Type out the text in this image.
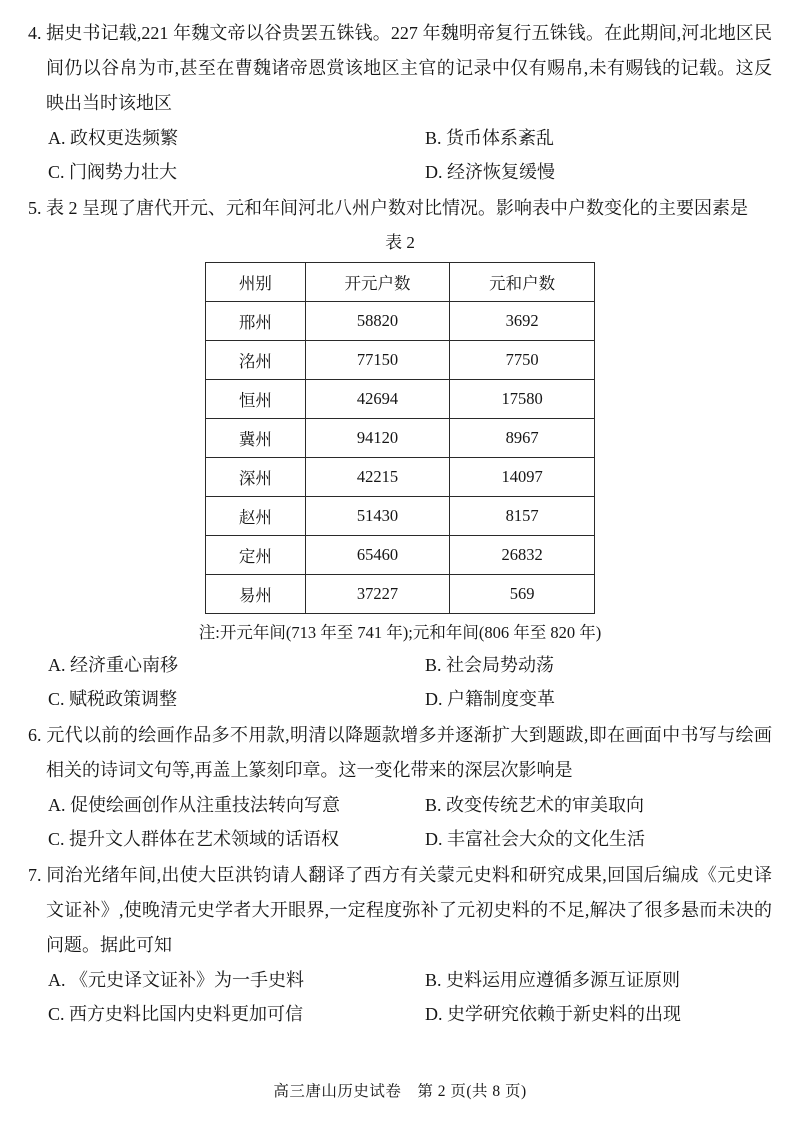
4. 据史书记载,221 年魏文帝以谷贵罢五铢钱。227 年魏明帝复行五铢钱。在此期间,河北地区民间仍以谷帛为市,甚至在曹魏诸帝恩赏该地区主官的记录中仅有赐帛,未有赐钱的记载。这反映出当时该地区

A. 政权更迭频繁	B. 货币体系紊乱
C. 门阀势力壮大	D. 经济恢复缓慢

5. 表 2 呈现了唐代开元、元和年间河北八州户数对比情况。影响表中户数变化的主要因素是

表 2

州别	开元户数	元和户数
邢州	58820	3692
洺州	77150	7750
恒州	42694	17580
冀州	94120	8967
深州	42215	14097
赵州	51430	8157
定州	65460	26832
易州	37227	569

注:开元年间(713 年至 741 年);元和年间(806 年至 820 年)

A. 经济重心南移	B. 社会局势动荡
C. 赋税政策调整	D. 户籍制度变革

6. 元代以前的绘画作品多不用款,明清以降题款增多并逐渐扩大到题跋,即在画面中书写与绘画相关的诗词文句等,再盖上篆刻印章。这一变化带来的深层次影响是

A. 促使绘画创作从注重技法转向写意	B. 改变传统艺术的审美取向
C. 提升文人群体在艺术领域的话语权	D. 丰富社会大众的文化生活

7. 同治光绪年间,出使大臣洪钧请人翻译了西方有关蒙元史料和研究成果,回国后编成《元史译文证补》,使晚清元史学者大开眼界,一定程度弥补了元初史料的不足,解决了很多悬而未决的问题。据此可知

A. 《元史译文证补》为一手史料	B. 史料运用应遵循多源互证原则
C. 西方史料比国内史料更加可信	D. 史学研究依赖于新史料的出现
高三唐山历史试卷　第 2 页(共 8 页)
